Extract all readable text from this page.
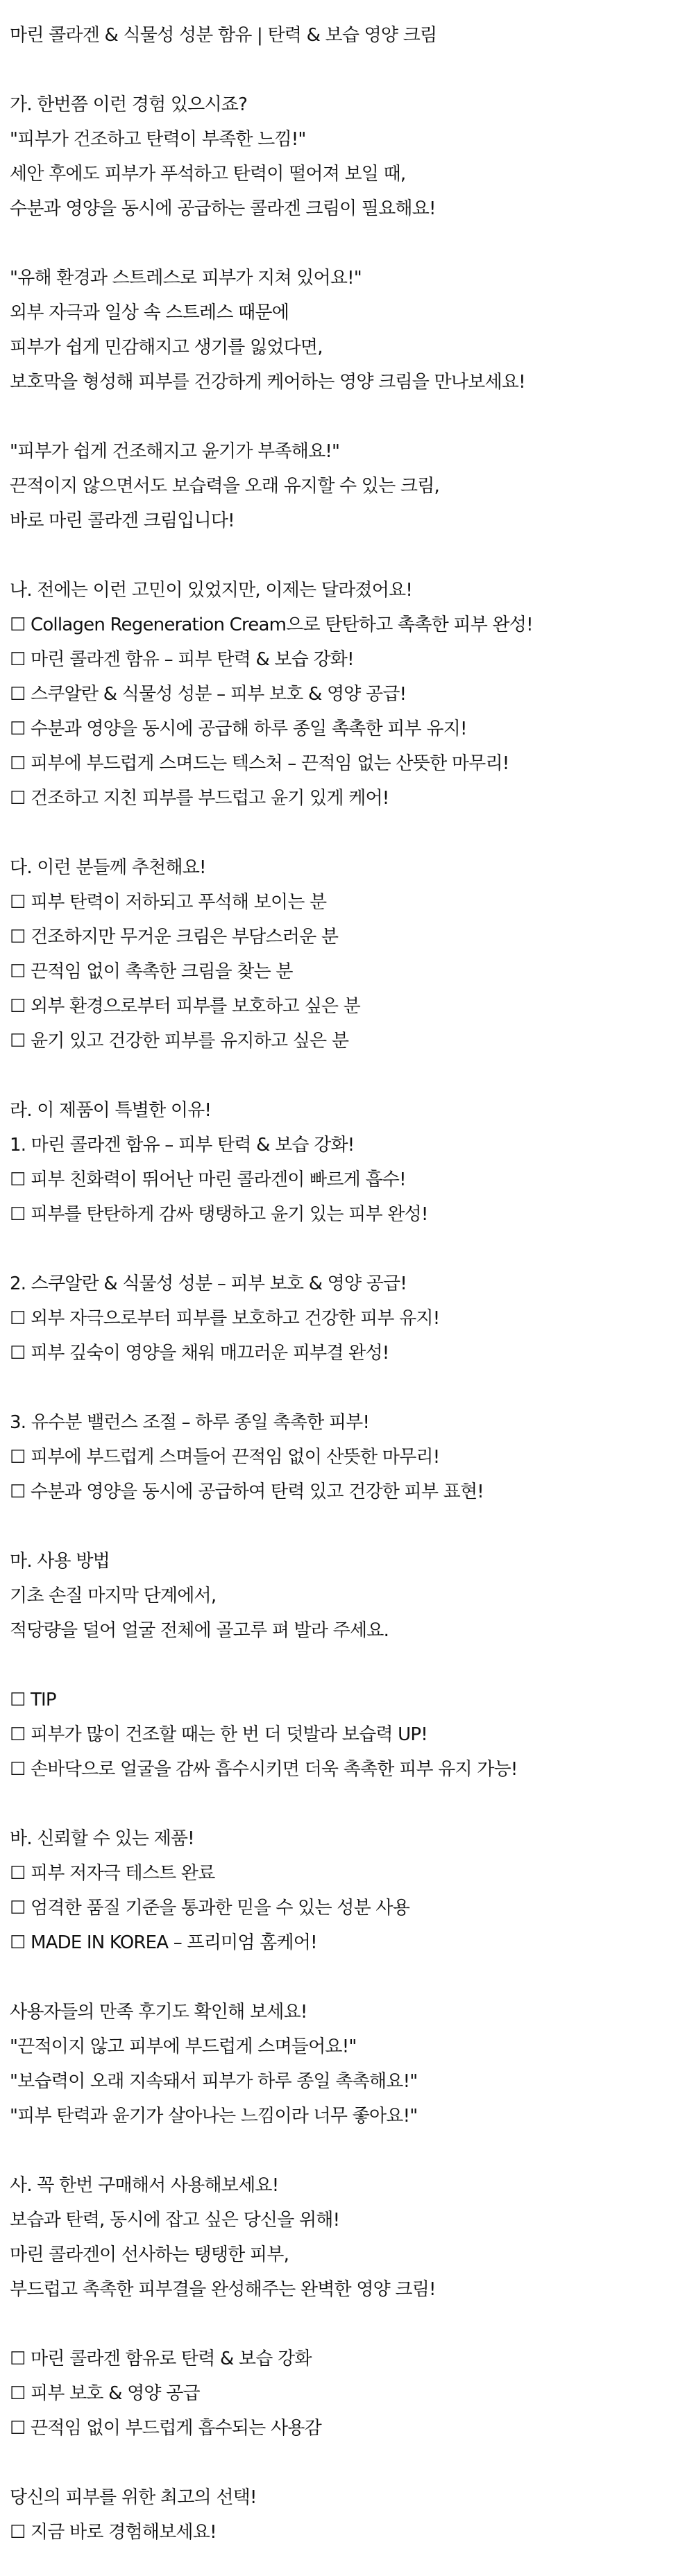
마린 콜라겐 & 식물성 성분 함유 | 탄력 & 보습 영양 크림
가. 한번쯤 이런 경험 있으시죠?
"피부가 건조하고 탄력이 부족한 느낌!"
세안 후에도 피부가 푸석하고 탄력이 떨어져 보일 때,
수분과 영양을 동시에 공급하는 콜라겐 크림이 필요해요!
"유해 환경과 스트레스로 피부가 지쳐 있어요!"
외부 자극과 일상 속 스트레스 때문에
피부가 쉽게 민감해지고 생기를 잃었다면,
보호막을 형성해 피부를 건강하게 케어하는 영양 크림을 만나보세요!
"피부가 쉽게 건조해지고 윤기가 부족해요!"
끈적이지 않으면서도 보습력을 오래 유지할 수 있는 크림,
바로 마린 콜라겐 크림입니다!
나. 전에는 이런 고민이 있었지만, 이제는 달라졌어요!
☐ Collagen Regeneration Cream으로 탄탄하고 촉촉한 피부 완성!
☐ 마린 콜라겐 함유 – 피부 탄력 & 보습 강화!
☐ 스쿠알란 & 식물성 성분 – 피부 보호 & 영양 공급!
☐ 수분과 영양을 동시에 공급해 하루 종일 촉촉한 피부 유지!
☐ 피부에 부드럽게 스며드는 텍스처 – 끈적임 없는 산뜻한 마무리!
☐ 건조하고 지친 피부를 부드럽고 윤기 있게 케어!
다. 이런 분들께 추천해요!
☐ 피부 탄력이 저하되고 푸석해 보이는 분
☐ 건조하지만 무거운 크림은 부담스러운 분
☐ 끈적임 없이 촉촉한 크림을 찾는 분
☐ 외부 환경으로부터 피부를 보호하고 싶은 분
☐ 윤기 있고 건강한 피부를 유지하고 싶은 분
라. 이 제품이 특별한 이유!
1. 마린 콜라겐 함유 – 피부 탄력 & 보습 강화!
☐ 피부 친화력이 뛰어난 마린 콜라겐이 빠르게 흡수!
☐ 피부를 탄탄하게 감싸 탱탱하고 윤기 있는 피부 완성!
2. 스쿠알란 & 식물성 성분 – 피부 보호 & 영양 공급!
☐ 외부 자극으로부터 피부를 보호하고 건강한 피부 유지!
☐ 피부 깊숙이 영양을 채워 매끄러운 피부결 완성!
3. 유수분 밸런스 조절 – 하루 종일 촉촉한 피부!
☐ 피부에 부드럽게 스며들어 끈적임 없이 산뜻한 마무리!
☐ 수분과 영양을 동시에 공급하여 탄력 있고 건강한 피부 표현!
마. 사용 방법
기초 손질 마지막 단계에서,
적당량을 덜어 얼굴 전체에 골고루 펴 발라 주세요.
☐ TIP
☐ 피부가 많이 건조할 때는 한 번 더 덧발라 보습력 UP!
☐ 손바닥으로 얼굴을 감싸 흡수시키면 더욱 촉촉한 피부 유지 가능!
바. 신뢰할 수 있는 제품!
☐ 피부 저자극 테스트 완료
☐ 엄격한 품질 기준을 통과한 믿을 수 있는 성분 사용
☐ MADE IN KOREA – 프리미엄 홈케어!
사용자들의 만족 후기도 확인해 보세요!
"끈적이지 않고 피부에 부드럽게 스며들어요!"
"보습력이 오래 지속돼서 피부가 하루 종일 촉촉해요!"
"피부 탄력과 윤기가 살아나는 느낌이라 너무 좋아요!"
사. 꼭 한번 구매해서 사용해보세요!
보습과 탄력, 동시에 잡고 싶은 당신을 위해!
마린 콜라겐이 선사하는 탱탱한 피부,
부드럽고 촉촉한 피부결을 완성해주는 완벽한 영양 크림!
☐ 마린 콜라겐 함유로 탄력 & 보습 강화
☐ 피부 보호 & 영양 공급
☐ 끈적임 없이 부드럽게 흡수되는 사용감
당신의 피부를 위한 최고의 선택!
☐ 지금 바로 경험해보세요!
